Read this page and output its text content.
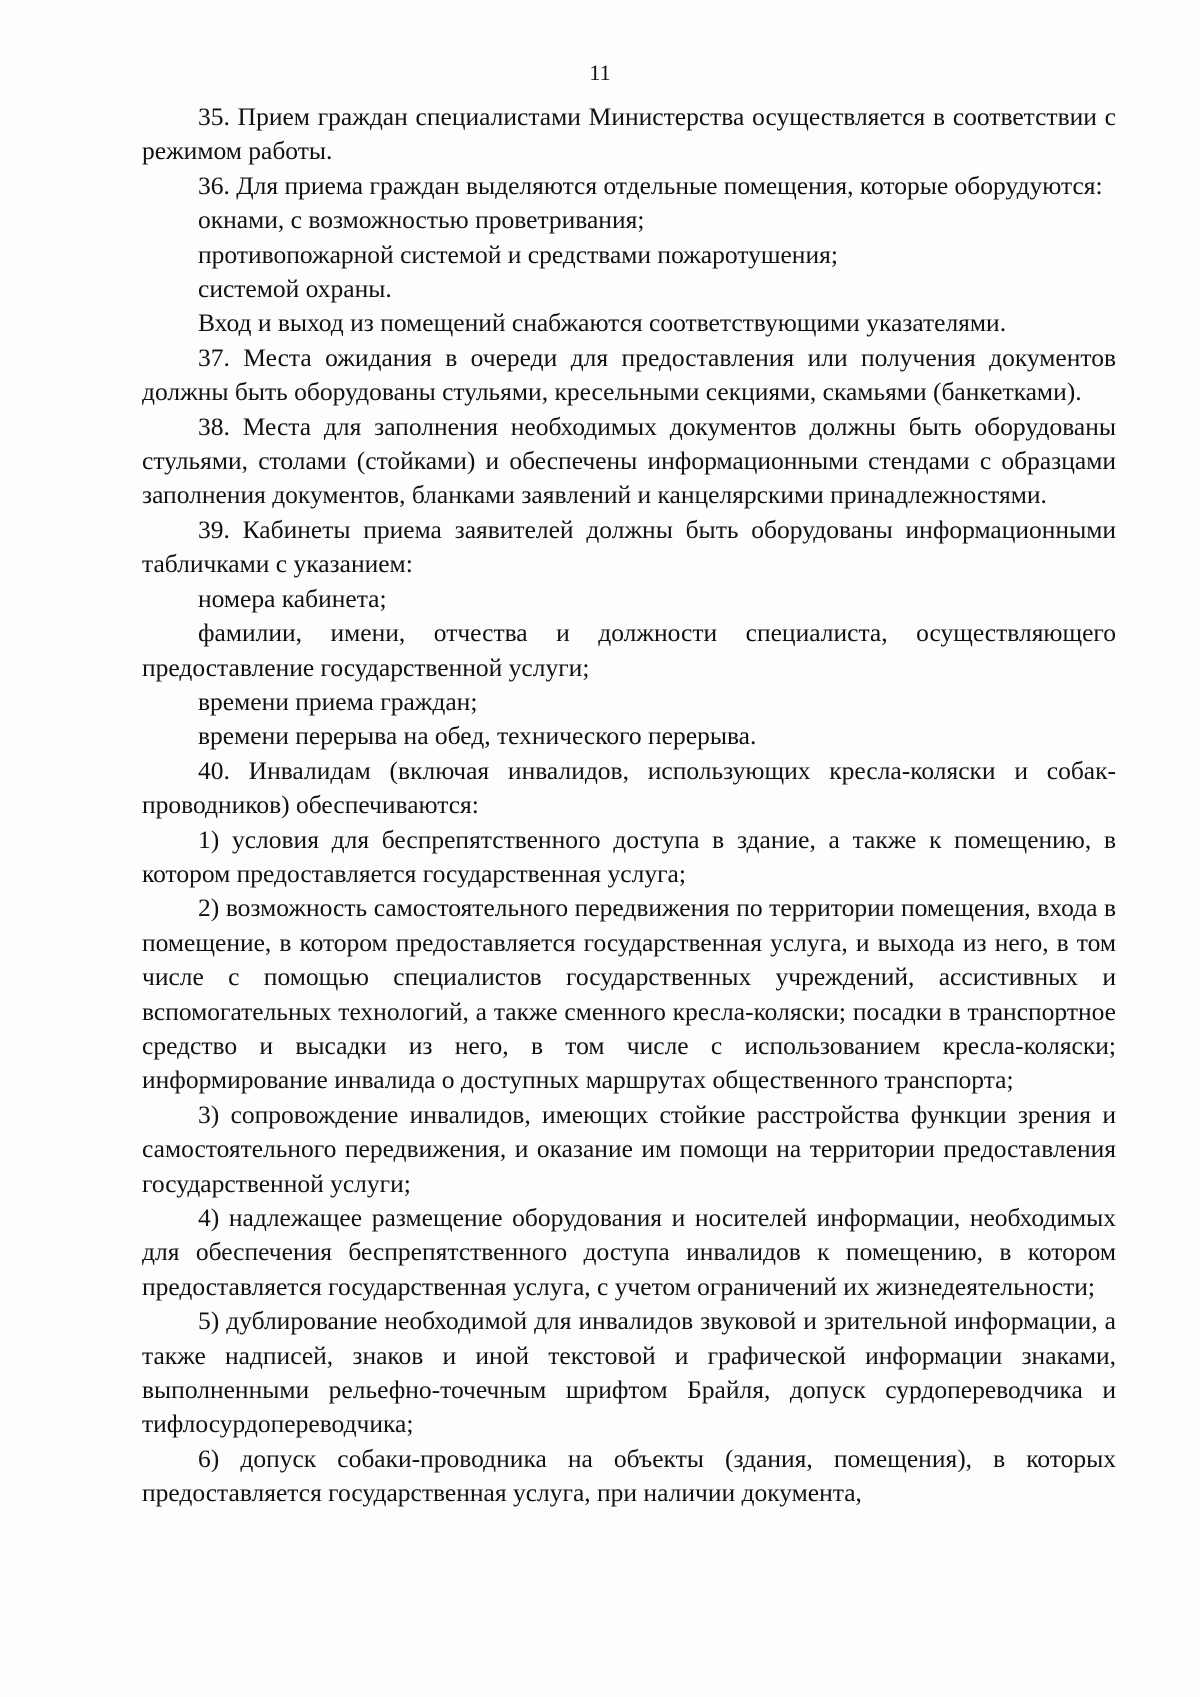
11

35. Прием граждан специалистами Министерства осуществляется в соответствии с режимом работы.

36. Для приема граждан выделяются отдельные помещения, которые оборудуются:

окнами, с возможностью проветривания;

противопожарной системой и средствами пожаротушения;

системой охраны.

Вход и выход из помещений снабжаются соответствующими указателями.

37. Места ожидания в очереди для предоставления или получения документов должны быть оборудованы стульями, кресельными секциями, скамьями (банкетками).

38. Места для заполнения необходимых документов должны быть оборудованы стульями, столами (стойками) и обеспечены информационными стендами с образцами заполнения документов, бланками заявлений и канцелярскими принадлежностями.

39. Кабинеты приема заявителей должны быть оборудованы информационными табличками с указанием:

номера кабинета;

фамилии, имени, отчества и должности специалиста, осуществляющего предоставление государственной услуги;

времени приема граждан;

времени перерыва на обед, технического перерыва.

40. Инвалидам (включая инвалидов, использующих кресла-коляски и собак-проводников) обеспечиваются:

1) условия для беспрепятственного доступа в здание, а также к помещению, в котором предоставляется государственная услуга;

2) возможность самостоятельного передвижения по территории помещения, входа в помещение, в котором предоставляется государственная услуга, и выхода из него, в том числе с помощью специалистов государственных учреждений, ассистивных и вспомогательных технологий, а также сменного кресла-коляски; посадки в транспортное средство и высадки из него, в том числе с использованием кресла-коляски; информирование инвалида о доступных маршрутах общественного транспорта;

3) сопровождение инвалидов, имеющих стойкие расстройства функции зрения и самостоятельного передвижения, и оказание им помощи на территории предоставления государственной услуги;

4) надлежащее размещение оборудования и носителей информации, необходимых для обеспечения беспрепятственного доступа инвалидов к помещению, в котором предоставляется государственная услуга, с учетом ограничений их жизнедеятельности;

5) дублирование необходимой для инвалидов звуковой и зрительной информации, а также надписей, знаков и иной текстовой и графической информации знаками, выполненными рельефно-точечным шрифтом Брайля, допуск сурдопереводчика и тифлосурдопереводчика;

6) допуск собаки-проводника на объекты (здания, помещения), в которых предоставляется государственная услуга, при наличии документа,
